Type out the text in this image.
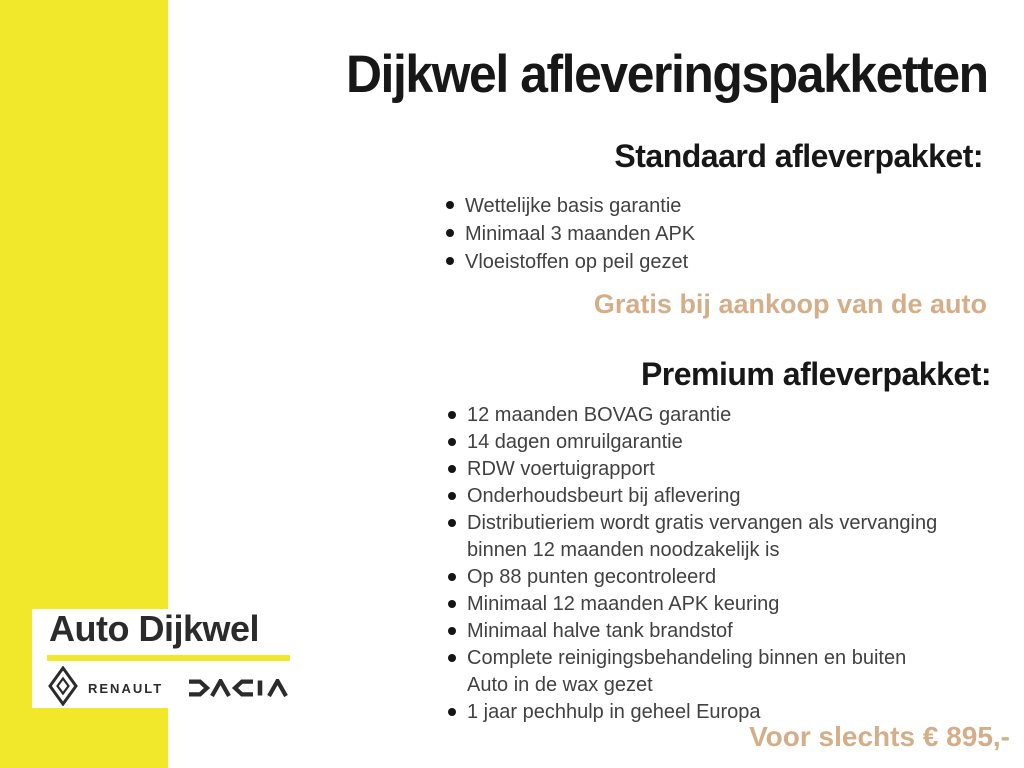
Dijkwel afleveringspakketten
Standaard afleverpakket:
Wettelijke basis garantie
Minimaal 3 maanden APK
Vloeistoffen op peil gezet
Gratis bij aankoop van de auto
Premium afleverpakket:
12 maanden BOVAG garantie
14 dagen omruilgarantie
RDW voertuigrapport
Onderhoudsbeurt bij aflevering
Distributieriem wordt gratis vervangen als vervanging
binnen 12 maanden noodzakelijk is
Op 88 punten gecontroleerd
Minimaal 12 maanden APK keuring
Minimaal halve tank brandstof
Complete reinigingsbehandeling binnen en buiten
Auto in de wax gezet
1 jaar pechhulp in geheel Europa
Voor slechts € 895,-
Auto Dijkwel
RENAULT
